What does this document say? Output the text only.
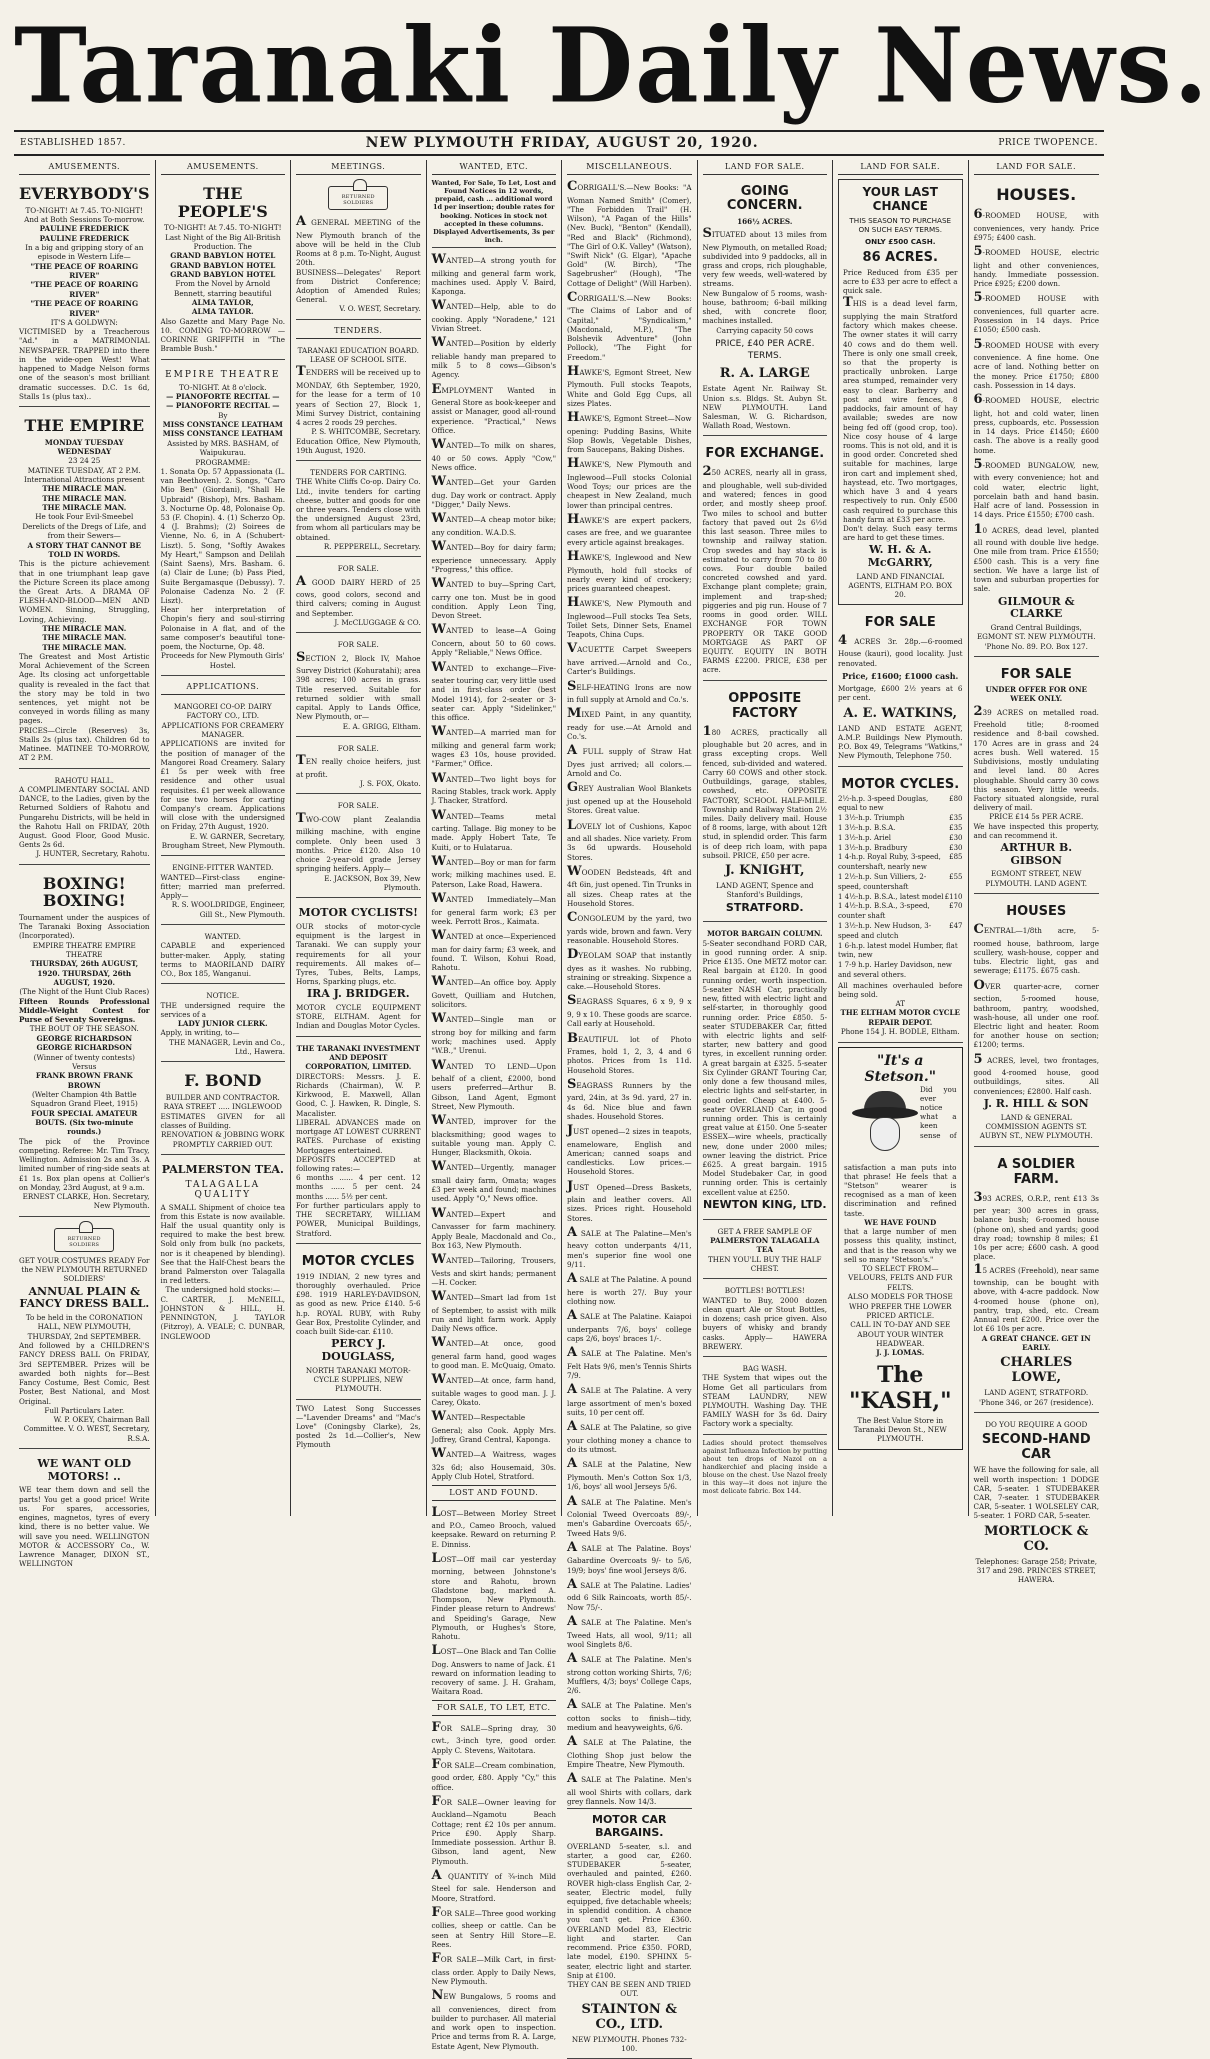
Taranaki Daily News.
ESTABLISHED 1857.	NEW PLYMOUTH FRIDAY, AUGUST 20, 1920.	PRICE TWOPENCE.
AMUSEMENTS.
EVERYBODY'S
TO-NIGHT! At 7.45. TO-NIGHT! And at Both Sessions To-morrow.
PAULINE FREDERICK
PAULINE FREDERICK
In a big and gripping story of an episode in Western Life—
"THE PEACE OF ROARING RIVER"
"THE PEACE OF ROARING RIVER"
"THE PEACE OF ROARING RIVER"
IT'S A GOLDWYN:
VICTIMISED by a Treacherous "Ad." in a MATRIMONIAL NEWSPAPER. TRAPPED into there in the wide-open West! What happened to Madge Nelson forms one of the season's most brilliant dramatic successes. D.C. 1s 6d, Stalls 1s (plus tax)..
THE EMPIRE
MONDAY TUESDAY WEDNESDAY
23 24 25
MATINEE TUESDAY, AT 2 P.M. International Attractions present
THE MIRACLE MAN.
THE MIRACLE MAN.
THE MIRACLE MAN.
He took Four Evil-Smeebel Derelicts of the Dregs of Life, and from their Sewers—
A STORY THAT CANNOT BE TOLD IN WORDS.
This is the picture achievement that in one triumphant leap gave the Picture Screen its place among the Great Arts. A DRAMA OF FLESH-AND-BLOOD—MEN AND WOMEN. Sinning, Struggling, Loving, Achieving.
THE MIRACLE MAN.
THE MIRACLE MAN.
THE MIRACLE MAN.
The Greatest and Most Artistic Moral Achievement of the Screen Age. Its closing act unforgettable quality is revealed in the fact that the story may be told in two sentences, yet might not be conveyed in words filling as many pages.
PRICES—Circle (Reserves) 3s, Stalls 2s (plus tax). Children 6d to Matinee. MATINEE TO-MORROW, AT 2 P.M.
RAHOTU HALL.
A COMPLIMENTARY SOCIAL AND DANCE, to the Ladies, given by the Returned Soldiers of Rahotu and Pungarehu Districts, will be held in the Rahotu Hall on FRIDAY, 20th August. Good Floor, Good Music. Gents 2s 6d.
J. HUNTER, Secretary, Rahotu.
BOXING! BOXING!
Tournament under the auspices of The Taranaki Boxing Association (Incorporated).
EMPIRE THEATRE EMPIRE THEATRE
THURSDAY, 26th AUGUST, 1920. THURSDAY, 26th AUGUST, 1920.
(The Night of the Hunt Club Races)
Fifteen Rounds Professional Middle-Weight Contest for Purse of Seventy Sovereigns.
THE BOUT OF THE SEASON.
GEORGE RICHARDSON GEORGE RICHARDSON
(Winner of twenty contests)
Versus
FRANK BROWN FRANK BROWN
(Welter Champion 4th Battle Squadron Grand Fleet, 1915)
FOUR SPECIAL AMATEUR BOUTS. (Six two-minute rounds.)
The pick of the Province competing. Referee: Mr. Tim Tracy, Wellington. Admission 2s and 3s. A limited number of ring-side seats at £1 1s. Box plan opens at Collier's on Monday, 23rd August, at 9 a.m.
ERNEST CLARKE, Hon. Secretary, New Plymouth.
RETURNED SOLDIERS
GET YOUR COSTUMES READY For the NEW PLYMOUTH RETURNED SOLDIERS'
ANNUAL PLAIN & FANCY DRESS BALL.
To be held in the CORONATION HALL, NEW PLYMOUTH, THURSDAY, 2nd SEPTEMBER.
And followed by a CHILDREN'S FANCY DRESS BALL On FRIDAY, 3rd SEPTEMBER. Prizes will be awarded both nights for—Best Fancy Costume, Best Comic, Best Poster, Best National, and Most Original.
Full Particulars Later.
W. P. OKEY, Chairman Ball Committee. V. O. WEST, Secretary, R.S.A.
WE WANT OLD MOTORS! ..
WE tear them down and sell the parts! You get a good price! Write us. For spares, accessories, engines, magnetos, tyres of every kind, there is no better value. We will save you need. WELLINGTON MOTOR & ACCESSORY Co., W. Lawrence Manager, DIXON ST., WELLINGTON
AMUSEMENTS.
THE PEOPLE'S
TO-NIGHT! At 7.45. TO-NIGHT! Last Night of the Big All-British Production. The
GRAND BABYLON HOTEL
GRAND BABYLON HOTEL
GRAND BABYLON HOTEL
From the Novel by Arnold Bennett, starring beautiful
ALMA TAYLOR,
ALMA TAYLOR.
Also Gazette and Mary Page No. 10. COMING TO-MORROW — CORINNE GRIFFITH in "The Bramble Bush."
EMPIRE THEATRE
TO-NIGHT. At 8 o'clock.
— PIANOFORTE RECITAL —
— PIANOFORTE RECITAL —
By
MISS CONSTANCE LEATHAM
MISS CONSTANCE LEATHAM
Assisted by MRS. BASHAM, of Waipukurau.
PROGRAMME:
1. Sonata Op. 57 Appassionata (L. van Beethoven). 2. Songs, "Caro Mio Ben" (Giordani), "Shall He Upbraid" (Bishop), Mrs. Basham. 3. Nocturne Op. 48, Polonaise Op. 53 (F. Chopin). 4. (1) Scherzo Op. 4 (J. Brahms); (2) Soirees de Vienne, No. 6, in A (Schubert-Liszt). 5. Song, "Softly Awakes My Heart," Sampson and Delilah (Saint Saens), Mrs. Basham. 6. (a) Clair de Lune; (b) Pass Pied, Suite Bergamasque (Debussy). 7. Polonaise Cadenza No. 2 (F. Liszt).
Hear her interpretation of Chopin's fiery and soul-stirring Polonaise in A flat, and of the same composer's beautiful tone-poem, the Nocturne, Op. 48.
Proceeds for New Plymouth Girls' Hostel.
APPLICATIONS.
MANGOREI CO-OP. DAIRY FACTORY CO., LTD.
APPLICATIONS FOR CREAMERY MANAGER.
APPLICATIONS are invited for the position of manager of the Mangorei Road Creamery. Salary £1 5s per week with free residence and other usual requisites. £1 per week allowance for use two horses for carting Company's cream. Applications will close with the undersigned on Friday, 27th August, 1920.
E. W. GARNER, Secretary, Brougham Street, New Plymouth.
ENGINE-FITTER WANTED.
WANTED—First-class engine-fitter; married man preferred. Apply—
R. S. WOOLDRIDGE, Engineer, Gill St., New Plymouth.
WANTED.
CAPABLE and experienced butter-maker. Apply, stating terms to MAORILAND DAIRY CO., Box 185, Wanganui.
NOTICE.
THE undersigned require the services of a
LADY JUNIOR CLERK.
Apply, in writing, to—
THE MANAGER, Levin and Co., Ltd., Hawera.
F. BOND
BUILDER AND CONTRACTOR.
RAYA STREET ..... INGLEWOOD
ESTIMATES GIVEN for all classes of Building.
RENOVATION & JOBBING WORK PROMPTLY CARRIED OUT.
PALMERSTON TEA.
TALAGALLA QUALITY
A SMALL Shipment of choice tea from this Estate is now available. Half the usual quantity only is required to make the best brew. Sold only from bulk (no packets, nor is it cheapened by blending). See that the Half-Chest bears the brand Palmerston over Talagalla in red letters.
The undersigned hold stocks:—
C. CARTER, J. McNEILL, JOHNSTON & HILL, H. PENNINGTON, J. TAYLOR (Fitzroy), A. VEALE; C. DUNBAR, INGLEWOOD
MEETINGS.
RETURNED SOLDIERS
A GENERAL MEETING of the New Plymouth branch of the above will be held in the Club Rooms at 8 p.m. To-Night, August 20th.
BUSINESS—Delegates' Report from District Conference; Adoption of Amended Rules; General.
V. O. WEST, Secretary.
TENDERS.
TARANAKI EDUCATION BOARD.
LEASE OF SCHOOL SITE.
TENDERS will be received up to MONDAY, 6th September, 1920, for the lease for a term of 10 years of Section 27, Block 1, Mimi Survey District, containing 4 acres 2 roods 29 perches.
P. S. WHITCOMBE, Secretary.
Education Office, New Plymouth, 19th August, 1920.
TENDERS FOR CARTING.
THE White Cliffs Co-op. Dairy Co. Ltd., invite tenders for carting cheese, butter and goods for one or three years. Tenders close with the undersigned August 23rd, from whom all particulars may be obtained.
R. PEPPERELL, Secretary.
FOR SALE.
A GOOD DAIRY HERD of 25 cows, good colors, second and third calvers; coming in August and September.
J. McCLUGGAGE & CO.
FOR SALE.
SECTION 2, Block IV, Mahoe Survey District (Kohuratahi); area 398 acres; 100 acres in grass. Title reserved. Suitable for returned soldier with small capital. Apply to Lands Office, New Plymouth, or—
E. A. GRIGG, Eltham.
FOR SALE.
TEN really choice heifers, just at profit.
J. S. FOX, Okato.
FOR SALE.
TWO-COW plant Zealandia milking machine, with engine complete. Only been used 3 months. Price £120. Also 10 choice 2-year-old grade Jersey springing heifers. Apply—
E. JACKSON, Box 39, New Plymouth.
MOTOR CYCLISTS!
OUR stocks of motor-cycle equipment is the largest in Taranaki. We can supply your requirements for all your requirements. All makes of— Tyres, Tubes, Belts, Lamps, Horns, Sparking plugs, etc.
IRA J. BRIDGER.
MOTOR CYCLE EQUIPMENT STORE, ELTHAM. Agent for Indian and Douglas Motor Cycles.
THE TARANAKI INVESTMENT AND DEPOSIT CORPORATION, LIMITED.
DIRECTORS: Messrs. J. E. Richards (Chairman), W. P. Kirkwood, E. Maxwell, Allan Good, C. J. Hawken, R. Dingle, S. Macalister.
LIBERAL ADVANCES made on mortgage AT LOWEST CURRENT RATES. Purchase of existing Mortgages entertained.
DEPOSITS ACCEPTED at following rates:—
6 months ...... 4 per cent. 12 months ...... 5 per cent. 24 months ...... 5½ per cent.
For further particulars apply to THE SECRETARY, WILLIAM POWER, Municipal Buildings, Stratford.
MOTOR CYCLES
1919 INDIAN, 2 new tyres and thoroughly overhauled. Price £98. 1919 HARLEY-DAVIDSON, as good as new. Price £140. 5-6 h.p. ROYAL RUBY, with Ruby Gear Box, Prestolite Cylinder, and coach built Side-car. £110.
PERCY J. DOUGLASS,
NORTH TARANAKI MOTOR-CYCLE SUPPLIES, NEW PLYMOUTH.
TWO Latest Song Successes—"Lavender Dreams" and "Mac's Love" (Coningsby Clarke), 2s, posted 2s 1d.—Collier's, New Plymouth
WANTED, ETC.
Wanted, For Sale, To Let, Lost and Found Notices in 12 words, prepaid, cash ... additional word 1d per insertion; double rates for booking. Notices in stock not accepted in these columns. Displayed Advertisements, 3s per inch.
WANTED—A strong youth for milking and general farm work, machines used. Apply V. Baird, Kaponga.
WANTED—Help, able to do cooking. Apply "Noradene," 121 Vivian Street.
WANTED—Position by elderly reliable handy man prepared to milk 5 to 8 cows—Gibson's Agency.
EMPLOYMENT Wanted in General Store as book-keeper and assist or Manager, good all-round experience. "Practical," News Office.
WANTED—To milk on shares, 40 or 50 cows. Apply "Cow," News office.
WANTED—Get your Garden dug. Day work or contract. Apply "Digger," Daily News.
WANTED—A cheap motor bike; any condition. W.A.D.S.
WANTED—Boy for dairy farm; experience unnecessary. Apply "Progress," this office.
WANTED to buy—Spring Cart, carry one ton. Must be in good condition. Apply Leon Ting, Devon Street.
WANTED to lease—A Going Concern, about 50 to 60 cows. Apply "Reliable," News Office.
WANTED to exchange—Five-seater touring car, very little used and in first-class order (best Model 1914), for 2-seater or 3-seater car. Apply "Sidelinker," this office.
WANTED—A married man for milking and general farm work; wages £3 10s, house provided. "Farmer," Office.
WANTED—Two light boys for Racing Stables, track work. Apply J. Thacker, Stratford.
WANTED—Teams metal carting. Tallage. Big money to be made. Apply Hobert Tate, Te Kuiti, or to Hulatarua.
WANTED—Boy or man for farm work; milking machines used. E. Paterson, Lake Road, Hawera.
WANTED Immediately—Man for general farm work; £3 per week. Perrott Bros., Kaimata.
WANTED at once—Experienced man for dairy farm; £3 week, and found. T. Wilson, Kohui Road, Rahotu.
WANTED—An office boy. Apply Govett, Quilliam and Hutchen, solicitors.
WANTED—Single man or strong boy for milking and farm work; machines used. Apply "W.B.," Urenui.
WANTED TO LEND—Upon behalf of a client, £2000, bond users preferred—Arthur B. Gibson, Land Agent, Egmont Street, New Plymouth.
WANTED, improver for the blacksmithing; good wages to suitable young man. Apply C. Hunger, Blacksmith, Okoia.
WANTED—Urgently, manager small dairy farm, Omata; wages £3 per week and found; machines used. Apply "O," News office.
WANTED—Expert and Canvasser for farm machinery. Apply Beale, Macdonald and Co., Box 163, New Plymouth.
WANTED—Tailoring, Trousers, Vests and skirt hands; permanent—H. Cocker.
WANTED—Smart lad from 1st of September, to assist with milk run and light farm work. Apply Daily News office.
WANTED—At once, good general farm hand, good wages to good man. E. McQuaig, Omato.
WANTED—At once, farm hand, suitable wages to good man. J. J. Carey, Okato.
WANTED—Respectable General; also Cook. Apply Mrs. Joffrey, Grand Central, Kaponga.
WANTED—A Waitress, wages 32s 6d; also Housemaid, 30s. Apply Club Hotel, Stratford.
LOST AND FOUND.
LOST—Between Morley Street and P.O., Cameo Brooch, valued keepsake. Reward on returning P. E. Dinniss.
LOST—Off mail car yesterday morning, between Johnstone's store and Rahotu, brown Gladstone bag, marked A. Thompson, New Plymouth. Finder please return to Andrews' and Speiding's Garage, New Plymouth, or Hughes's Store, Rahotu.
LOST—One Black and Tan Collie Dog. Answers to name of Jack. £1 reward on information leading to recovery of same. J. H. Graham, Waitara Road.
FOR SALE, TO LET, ETC.
FOR SALE—Spring dray, 30 cwt., 3-inch tyre, good order. Apply C. Stevens, Waitotara.
FOR SALE—Cream combination, good order, £80. Apply "Cy," this office.
FOR SALE—Owner leaving for Auckland—Ngamotu Beach Cottage; rent £2 10s per annum. Price £90. Apply Sharp. Immediate possession. Arthur B. Gibson, land agent, New Plymouth.
A QUANTITY of ¾-inch Mild Steel for sale. Henderson and Moore, Stratford.
FOR SALE—Three good working collies, sheep or cattle. Can be seen at Sentry Hill Store—E. Rees.
FOR SALE—Milk Cart, in first-class order. Apply to Daily News, New Plymouth.
NEW Bungalows, 5 rooms and all conveniences, direct from builder to purchaser. All material and work open to inspection. Price and terms from R. A. Large, Estate Agent, New Plymouth.
MISCELLANEOUS.
CORRIGALL'S.—New Books: "A Woman Named Smith" (Comer), "The Forbidden Trail" (H. Wilson), "A Pagan of the Hills" (Nev. Buck), "Benton" (Kendall), "Red and Black" (Richmond), "The Girl of O.K. Valley" (Watson), "Swift Nick" (G. Elgar), "Apache Gold" (W. Birch), "The Sagebrusher" (Hough), "The Cottage of Delight" (Will Harben).
CORRIGALL'S.—New Books: "The Claims of Labor and of Capital," "Syndicalism," (Macdonald, M.P.), "The Bolshevik Adventure" (John Pollock), "The Fight for Freedom."
HAWKE'S, Egmont Street, New Plymouth. Full stocks Teapots, White and Gold Egg Cups, all sizes Plates.
HAWKE'S, Egmont Street—Now opening: Pudding Basins, White Slop Bowls, Vegetable Dishes, from Saucepans, Baking Dishes.
HAWKE'S, New Plymouth and Inglewood—Full stocks Colonial Wood Toys; our prices are the cheapest in New Zealand, much lower than principal centres.
HAWKE'S are expert packers, cases are free, and we guarantee every article against breakages.
HAWKE'S, Inglewood and New Plymouth, hold full stocks of nearly every kind of crockery; prices guaranteed cheapest.
HAWKE'S, New Plymouth and Inglewood—Full stocks Tea Sets, Toilet Sets, Dinner Sets, Enamel Teapots, China Cups.
VACUETTE Carpet Sweepers have arrived.—Arnold and Co., Carter's Buildings.
SELF-HEATING Irons are now in full supply at Arnold and Co.'s.
MIXED Paint, in any quantity, ready for use.—At Arnold and Co.'s.
A FULL supply of Straw Hat Dyes just arrived; all colors.—Arnold and Co.
GREY Australian Wool Blankets just opened up at the Household Stores. Great value.
LOVELY lot of Cushions, Kapoc and all shades. Nice variety. From 3s 6d upwards. Household Stores.
WOODEN Bedsteads, 4ft and 4ft 6in, just opened. Tin Trunks in all sizes. Cheap rates at the Household Stores.
CONGOLEUM by the yard, two yards wide, brown and fawn. Very reasonable. Household Stores.
DYEOLAM SOAP that instantly dyes as it washes. No rubbing, straining or streaking. Sixpence a cake.—Household Stores.
SEAGRASS Squares, 6 x 9, 9 x 9, 9 x 10. These goods are scarce. Call early at Household.
BEAUTIFUL lot of Photo Frames, hold 1, 2, 3, 4 and 6 photos. Prices from 1s 11d. Household Stores.
SEAGRASS Runners by the yard, 24in, at 3s 9d. yard, 27 in. 4s 6d. Nice blue and fawn shades. Household Stores.
JUST opened—2 sizes in teapots, enameloware, English and American; canned soaps and candlesticks. Low prices.—Household Stores.
JUST Opened—Dress Baskets, plain and leather covers. All sizes. Prices right. Household Stores.
A SALE at The Palatine—Men's heavy cotton underpants 4/11, men's superior fine wool one 9/11.
A SALE at The Palatine. A pound here is worth 27/. Buy your clothing now.
A SALE at The Palatine. Kaiapoi underpants 7/6, boys' college caps 2/6, boys' braces 1/-.
A SALE at The Palatine. Men's Felt Hats 9/6, men's Tennis Shirts 7/9.
A SALE at The Palatine. A very large assortment of men's boxed suits, 10 per cent off.
A SALE at The Palatine, so give your clothing money a chance to do its utmost.
A SALE at the Palatine, New Plymouth. Men's Cotton Sox 1/3, 1/6, boys' all wool Jerseys 5/6.
A SALE at The Palatine. Men's Colonial Tweed Overcoats 89/-, men's Gabardine Overcoats 65/-, Tweed Hats 9/6.
A SALE at The Palatine. Boys' Gabardine Overcoats 9/- to 5/6, 19/9; boys' fine wool Jerseys 8/6.
A SALE at The Palatine. Ladies' odd 6 Silk Raincoats, worth 85/-. Now 75/-.
A SALE at The Palatine. Men's Tweed Hats, all wool, 9/11; all wool Singlets 8/6.
A SALE at The Palatine. Men's strong cotton working Shirts, 7/6; Mufflers, 4/3; boys' College Caps, 2/6.
A SALE at The Palatine. Men's cotton socks to finish—tidy, medium and heavyweights, 6/6.
A SALE at The Palatine, the Clothing Shop just below the Empire Theatre, New Plymouth.
A SALE at The Palatine. Men's all wool Shirts with collars, dark grey flannels. Now 14/3.
MOTOR CAR BARGAINS.
OVERLAND 5-seater, s.l. and starter, a good car, £260. STUDEBAKER 5-seater, overhauled and painted, £260. ROVER high-class English Car, 2-seater, Electric model, fully equipped, five detachable wheels; in splendid condition. A chance you can't get. Price £360. OVERLAND Model 83, Electric light and starter. Can recommend. Price £350. FORD, late model, £190. SPHINX 5-seater, electric light and starter. Snip at £100.
THEY CAN BE SEEN AND TRIED OUT.
STAINTON & CO., LTD.
NEW PLYMOUTH. Phones 732-100.
LAND FOR SALE.
GOING CONCERN.
166½ ACRES.
SITUATED about 13 miles from New Plymouth, on metalled Road; subdivided into 9 paddocks, all in grass and crops, rich ploughable, very few weeds, well-watered by streams.
New Bungalow of 5 rooms, wash-house, bathroom; 6-bail milking shed, with concrete floor, machines installed.
Carrying capacity 50 cows
PRICE, £40 PER ACRE. TERMS.
R. A. LARGE
Estate Agent Nr. Railway St. Union s.s. Bldgs. St. Aubyn St. NEW PLYMOUTH. Land Salesman, W. G. Richardson, Wallath Road, Westown.
FOR EXCHANGE.
250 ACRES, nearly all in grass, and ploughable, well sub-divided and watered; fences in good order, and mostly sheep proof. Two miles to school and butter factory that paved out 2s 6½d this last season. Three miles to township and railway station. Crop swedes and hay stack is estimated to carry from 70 to 80 cows. Four double bailed concreted cowshed and yard. Exchange plant complete; grain, implement and trap-shed; piggeries and pig run. House of 7 rooms in good order. WILL EXCHANGE FOR TOWN PROPERTY OR TAKE GOOD MORTGAGE AS PART OF EQUITY. EQUITY IN BOTH FARMS £2200. PRICE, £38 per acre.
OPPOSITE FACTORY
180 ACRES, practically all ploughable but 20 acres, and in grass excepting crops. Well fenced, sub-divided and watered. Carry 60 COWS and other stock. Outbuildings, garage, stables, cowshed, etc. OPPOSITE FACTORY, SCHOOL HALF-MILE. Township and Railway Station 2½ miles. Daily delivery mail. House of 8 rooms, large, with about 12ft stud, in splendid order. This farm is of deep rich loam, with papa subsoil. PRICE, £50 per acre.
J. KNIGHT,
LAND AGENT, Spence and Stanford's Buildings,
STRATFORD.
MOTOR BARGAIN COLUMN.
5-Seater secondhand FORD CAR, in good running order. A snip. Price £135. One METZ motor car. Real bargain at £120. In good running order, worth inspection. 5-seater NASH Car, practically new, fitted with electric light and self-starter, in thoroughly good running order. Price £850. 5-seater STUDEBAKER Car, fitted with electric lights and self-starter, new battery and good tyres, in excellent running order. A great bargain at £325. 5-seater Six Cylinder GRANT Touring Car, only done a few thousand miles, electric lights and self-starter, in good order. Cheap at £400. 5-seater OVERLAND Car, in good running order. This is certainly great value at £150. One 5-seater ESSEX—wire wheels, practically new, done under 2000 miles; owner leaving the district. Price £625. A great bargain. 1915 Model Studebaker Car, in good running order. This is certainly excellent value at £250.
NEWTON KING, LTD.
GET A FREE SAMPLE OF
PALMERSTON TALAGALLA TEA
THEN YOU'LL BUY THE HALF CHEST.
BOTTLES! BOTTLES!
WANTED to Buy, 2000 dozen clean quart Ale or Stout Bottles, in dozens; cash price given. Also buyers of whisky and brandy casks. Apply— HAWERA BREWERY.
BAG WASH.
THE System that wipes out the Home Get all particulars from STEAM LAUNDRY, NEW PLYMOUTH. Washing Day. THE FAMILY WASH for 3s 6d. Dairy Factory work a specialty.
Ladies should protect themselves against Influenza Infection by putting about ten drops of Nazol on a handkerchief and placing inside a blouse on the chest. Use Nazol freely in this way—it does not injure the most delicate fabric. Box 144.
LAND FOR SALE.
YOUR LAST CHANCE
THIS SEASON TO PURCHASE ON SUCH EASY TERMS.
ONLY £500 CASH.
86 ACRES.
Price Reduced from £35 per acre to £33 per acre to effect a quick sale.
THIS is a dead level farm, supplying the main Stratford factory which makes cheese. The owner states it will carry 40 cows and do them well. There is only one small creek, so that the property is practically unbroken. Large area stumped, remainder very easy to clear. Barberry and post and wire fences, 8 paddocks, fair amount of hay available; swedes are now being fed off (good crop, too). Nice cosy house of 4 large rooms. This is not old, and it is in good order. Concreted shed suitable for machines, large iron cart and implement shed, haystead, etc. Two mortgages, which have 3 and 4 years respectively to run. Only £500 cash required to purchase this handy farm at £33 per acre.
Don't delay. Such easy terms are hard to get these times.
W. H. & A. McGARRY,
LAND AND FINANCIAL AGENTS, ELTHAM P.O. BOX 20.
FOR SALE
4 ACRES 3r. 28p.—6-roomed House (kauri), good locality. Just renovated.
Price, £1600; £1000 cash.
Mortgage, £600 2½ years at 6 per cent.
A. E. WATKINS,
LAND AND ESTATE AGENT, A.M.P. Buildings New Plymouth. P.O. Box 49, Telegrams "Watkins," New Plymouth, Telephone 750.
MOTOR CYCLES.
2½-h.p. 3-speed Douglas, equal to new
£80
1 3½-h.p. Triumph	£35
1 3½-h.p. B.S.A.	£35
1 3½-h.p. Ariel	£30
1 3½-h.p. Bradbury	£30
1 4-h.p. Royal Ruby, 3-speed, countershaft, nearly new
£85
1 2½-h.p. Sun Villiers, 2-speed, countershaft
£55
1 4½-h.p. B.S.A., latest model £110
1 4½-h.p. B.S.A., 3-speed, counter shaft
£70
1 3½-h.p. New Hudson, 3-speed and clutch
£47
1 6-h.p. latest model Humber, flat twin, new
1 7-9 h.p. Harley Davidson, new and several others.
All machines overhauled before being sold.
AT
THE ELTHAM MOTOR CYCLE REPAIR DEPOT.
Phone 154 J. H. BODLE, Eltham.
"It's a Stetson."
Did you ever notice what a keen sense of satisfaction a man puts into that phrase! He feels that a "Stetson" wearer is recognised as a man of keen discrimination and refined taste.
WE HAVE FOUND
that a large number of men possess this quality, instinct, and that is the reason why we sell so many "Stetson's."
TO SELECT FROM— VELOURS, FELTS AND FUR FELTS.
ALSO MODELS FOR THOSE WHO PREFER THE LOWER PRICED ARTICLE.
CALL IN TO-DAY AND SEE ABOUT YOUR WINTER HEADWEAR.
J. J. LOMAS.
The "KASH,"
The Best Value Store in Taranaki Devon St., NEW PLYMOUTH.
LAND FOR SALE.
HOUSES.
6-ROOMED HOUSE, with conveniences, very handy. Price £975; £400 cash.
5-ROOMED HOUSE, electric light and other conveniences, handy. Immediate possession. Price £925; £200 down.
5-ROOMED HOUSE with conveniences, full quarter acre. Possession in 14 days. Price £1050; £500 cash.
5-ROOMED HOUSE with every convenience. A fine home. One acre of land. Nothing better on the money. Price £1750; £800 cash. Possession in 14 days.
6-ROOMED HOUSE, electric light, hot and cold water, linen press, cupboards, etc. Possession in 14 days. Price £1450; £600 cash. The above is a really good home.
5-ROOMED BUNGALOW, new, with every convenience; hot and cold water, electric light, porcelain bath and hand basin. Half acre of land. Possession in 14 days. Price £1550; £700 cash.
10 ACRES, dead level, planted all round with double live hedge. One mile from tram. Price £1550; £500 cash. This is a very fine section. We have a large list of town and suburban properties for sale.
GILMOUR & CLARKE
Grand Central Buildings, EGMONT ST. NEW PLYMOUTH. 'Phone No. 89. P.O. Box 127.
FOR SALE
UNDER OFFER FOR ONE WEEK ONLY.
239 ACRES on metalled road. Freehold title; 8-roomed residence and 8-bail cowshed. 170 Acres are in grass and 24 acres bush. Well watered. 15 Subdivisions, mostly undulating and level land. 80 Acres ploughable. Should carry 30 cows this season. Very little weeds. Factory situated alongside, rural delivery of mail.
PRICE £14 5s PER ACRE.
We have inspected this property, and can recommend it.
ARTHUR B. GIBSON
EGMONT STREET, NEW PLYMOUTH. LAND AGENT.
HOUSES
CENTRAL—1/8th acre, 5-roomed house, bathroom, large scullery, wash-house, copper and tubs. Electric light, gas and sewerage; £1175. £675 cash.
OVER quarter-acre, corner section, 5-roomed house, bathroom, pantry, woodshed, wash-house, all under one roof. Electric light and heater. Room for another house on section; £1200; terms.
5 ACRES, level, two frontages, good 4-roomed house, good outbuildings, sites. All conveniences; £2800. Half cash.
J. R. HILL & SON
LAND & GENERAL COMMISSION AGENTS ST. AUBYN ST., NEW PLYMOUTH.
A SOLDIER FARM.
393 ACRES, O.R.P., rent £13 3s per year; 300 acres in grass, balance bush; 6-roomed house (phone on), shed and yards; good dray road; township 8 miles; £1 10s per acre; £600 cash. A good place.
15 ACRES (Freehold), near same township, can be bought with above, with 4-acre paddock. Now 4-roomed house (phone on), pantry, trap, shed, etc. Cream Annual rent £200. Price over the lot £6 10s per acre.
A GREAT CHANCE. GET IN EARLY.
CHARLES LOWE,
LAND AGENT, STRATFORD. 'Phone 346, or 267 (residence).
DO YOU REQUIRE A GOOD
SECOND-HAND CAR
WE have the following for sale, all well worth inspection: 1 DODGE CAR, 5-seater. 1 STUDEBAKER CAR, 7-seater. 1 STUDEBAKER CAR, 5-seater. 1 WOLSELEY CAR, 5-seater. 1 FORD CAR, 5-seater.
MORTLOCK & CO.
Telephones: Garage 258; Private, 317 and 298. PRINCES STREET, HAWERA.
